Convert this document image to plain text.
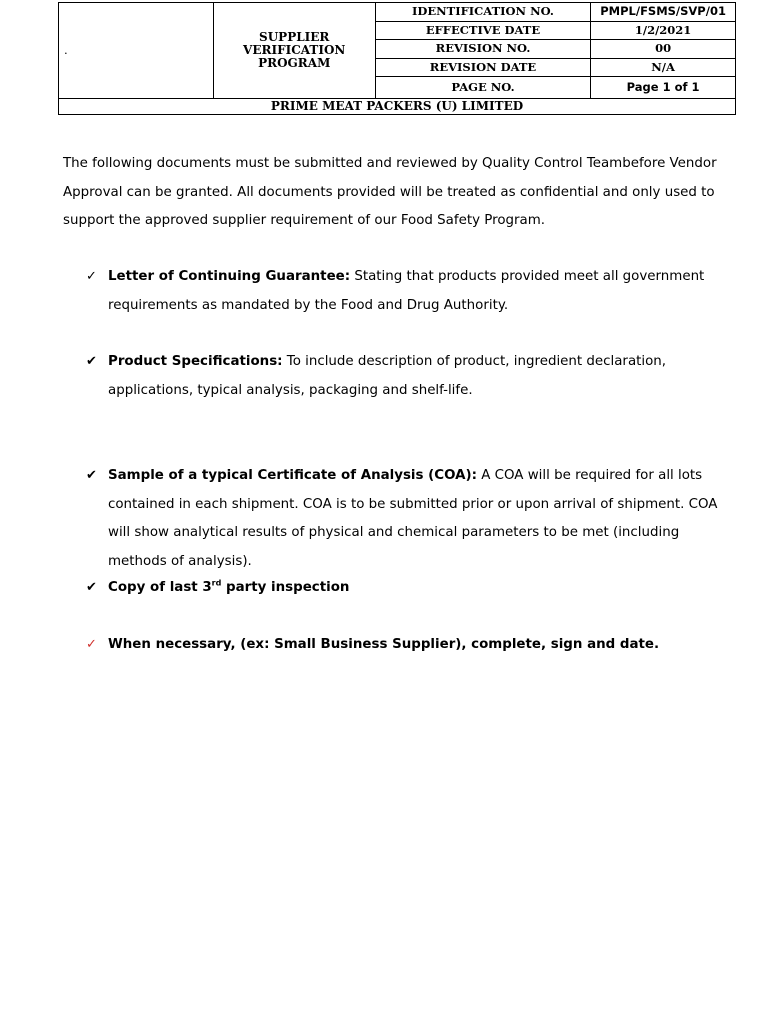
.	SUPPLIER VERIFICATION PROGRAM	IDENTIFICATION NO.	PMPL/FSMS/SVP/01
		EFFECTIVE DATE	1/2/2021
		REVISION NO.	00
		REVISION DATE	N/A
		PAGE NO.	Page 1 of 1
PRIME MEAT PACKERS (U) LIMITED			

The following documents must be submitted and reviewed by Quality Control Teambefore Vendor Approval can be granted. All documents provided will be treated as confidential and only used to support the approved supplier requirement of our Food Safety Program.

✓ Letter of Continuing Guarantee: Stating that products provided meet all government requirements as mandated by the Food and Drug Authority.
✔ Product Specifications: To include description of product, ingredient declaration, applications, typical analysis, packaging and shelf-life.
✔ Sample of a typical Certificate of Analysis (COA): A COA will be required for all lots contained in each shipment. COA is to be submitted prior or upon arrival of shipment. COA will show analytical results of physical and chemical parameters to be met (including methods of analysis).
✔ Copy of last 3rd party inspection
✓ When necessary, (ex: Small Business Supplier), complete, sign and date.
